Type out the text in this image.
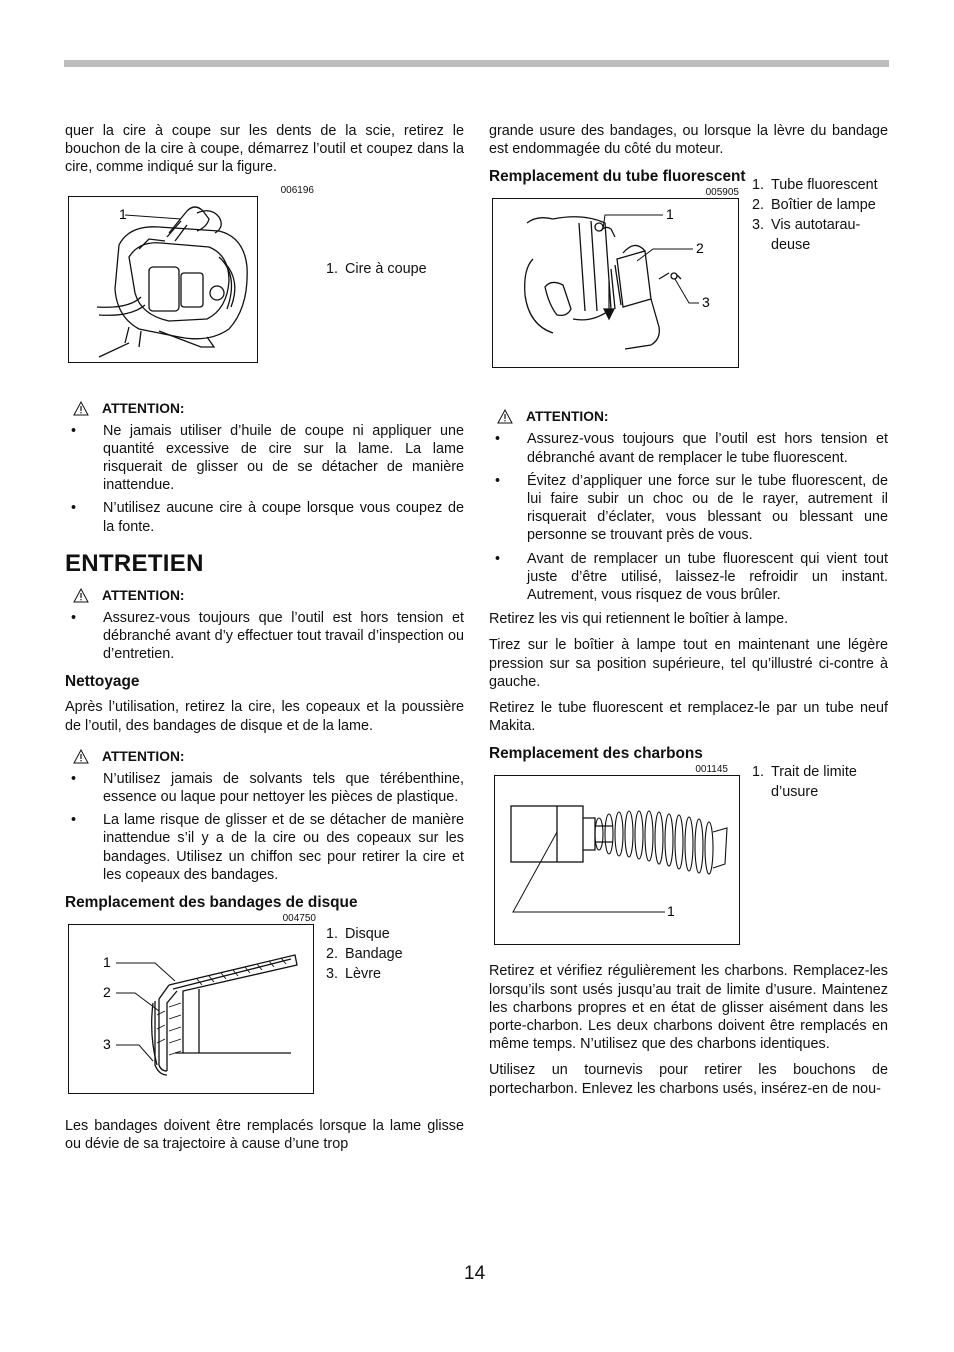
quer la cire à coupe sur les dents de la scie, retirez le bouchon de la cire à coupe, démarrez l’outil et coupez dans la cire, comme indiqué sur la figure.

006196
1
1. Cire à coupe
ATTENTION:
• Ne jamais utiliser d’huile de coupe ni appliquer une quantité excessive de cire sur la lame. La lame risquerait de glisser ou de se détacher de manière inattendue.
• N’utilisez aucune cire à coupe lorsque vous coupez de la fonte.
ENTRETIEN
ATTENTION:
• Assurez-vous toujours que l’outil est hors tension et débranché avant d’y effectuer tout travail d’inspection ou d’entretien.
Nettoyage

Après l’utilisation, retirez la cire, les copeaux et la poussière de l’outil, des bandages de disque et de la lame.

ATTENTION:
• N’utilisez jamais de solvants tels que térébenthine, essence ou laque pour nettoyer les pièces de plastique.
• La lame risque de glisser et de se détacher de manière inattendue s’il y a de la cire ou des copeaux sur les bandages. Utilisez un chiffon sec pour retirer la cire et les copeaux des bandages.
Remplacement des bandages de disque
004750
1
2
3
1. Disque
2. Bandage
3. Lèvre

Les bandages doivent être remplacés lorsque la lame glisse ou dévie de sa trajectoire à cause d’une trop

grande usure des bandages, ou lorsque la lèvre du bandage est endommagée du côté du moteur.

Remplacement du tube fluorescent
005905
1
2
3
1. Tube fluorescent
2. Boîtier de lampe
3. Vis autotarau-deuse
ATTENTION:
• Assurez-vous toujours que l’outil est hors tension et débranché avant de remplacer le tube fluorescent.
• Évitez d’appliquer une force sur le tube fluorescent, de lui faire subir un choc ou de le rayer, autrement il risquerait d’éclater, vous blessant ou blessant une personne se trouvant près de vous.
• Avant de remplacer un tube fluorescent qui vient tout juste d’être utilisé, laissez-le refroidir un instant. Autrement, vous risquez de vous brûler.

Retirez les vis qui retiennent le boîtier à lampe.

Tirez sur le boîtier à lampe tout en maintenant une légère pression sur sa position supérieure, tel qu’illustré ci-contre à gauche.

Retirez le tube fluorescent et remplacez-le par un tube neuf Makita.

Remplacement des charbons
001145
1
1. Trait de limite d’usure

Retirez et vérifiez régulièrement les charbons. Remplacez-les lorsqu’ils sont usés jusqu’au trait de limite d’usure. Maintenez les charbons propres et en état de glisser aisément dans les porte-charbon. Les deux charbons doivent être remplacés en même temps. N’utilisez que des charbons identiques.

Utilisez un tournevis pour retirer les bouchons de portecharbon. Enlevez les charbons usés, insérez-en de nou-

14
